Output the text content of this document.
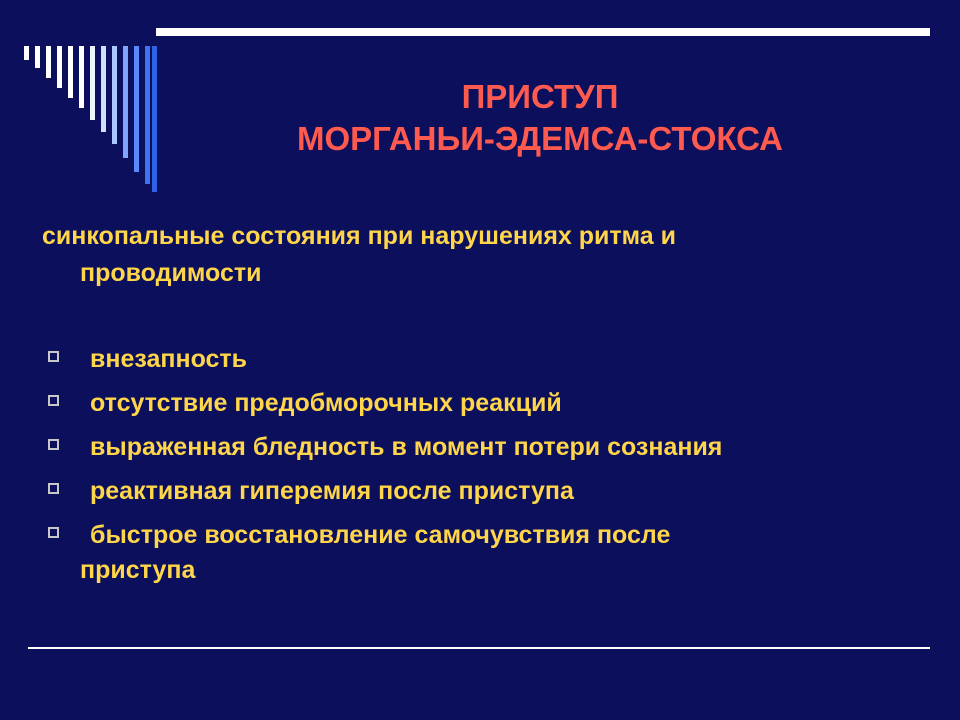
ПРИСТУП
МОРГАНЬИ-ЭДЕМСА-СТОКСА
синкопальные состояния при нарушениях ритма и
проводимости
внезапность
отсутствие предобморочных реакций
выраженная бледность в момент потери сознания
реактивная гиперемия после приступа
быстрое восстановление самочувствия после
приступа
